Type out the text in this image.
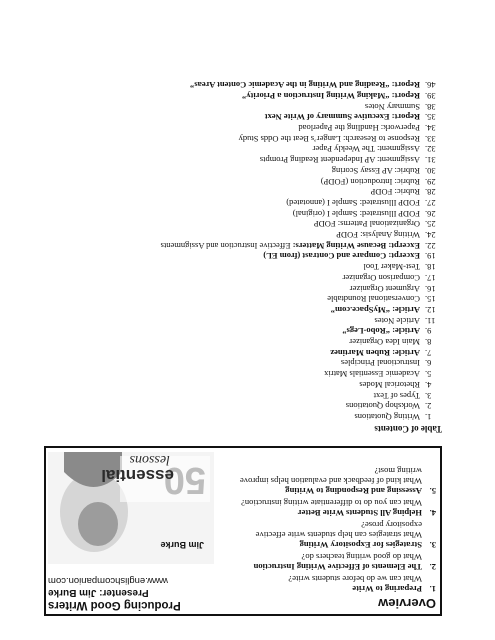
Overview
1.
Preparing to Write
What can we do before students write?
2.
The Elements of Effective Writing Instruction
What do good writing teachers do?
3.
Strategies for Expository Writing
What strategies can help students write effective expository prose?
4.
Helping All Students Write Better
What can you do to differentiate writing instruction?
5.
Assessing and Responding to Writing
What kind of feedback and evaluation helps improve writing most?
Producing Good Writers
Presenter: Jim Burke
www.englishcompanion.com
50
essential
lessons
Jim Burke
Table of Contents
1.
Writing Quotations
2.
Workshop Quotations
3.
Types of Text
4.
Rhetorical Modes
5.
Academic Essentials Matrix
6.
Instructional Principles
7.
Article: Ruben Martinez
8.
Main Idea Organizer
9.
Article: “Robo-Legs”
11.
Article Notes
12.
Article: “MySpace.com”
15.
Conversational Roundtable
16.
Argument Organizer
17.
Comparison Organizer
18.
Test-Maker Tool
19.
Excerpt: Compare and Contrast (from EL)
22.
Excerpt: Because Writing Matters: Effective Instruction and Assignments
24.
Writing Analysis: FODP
25.
Organizational Patterns: FODP
26.
FODP Illustrated: Sample I (original)
27.
FODP Illustrated: Sample I (annotated)
28.
Rubric: FODP
29.
Rubric: Introduction (FODP)
30.
Rubric: AP Essay Scoring
31.
Assignment: AP Independent Reading Prompts
32.
Assignment: The Weekly Paper
33.
Response to Research: Langer’s Beat the Odds Study
34.
Paperwork: Handling the Paperload
35.
Report: Executive Summary of Write Next
38.
Summary Notes
39.
Report: “Making Writing Instruction a Priority”
46.
Report: “Reading and Writing in the Academic Content Areas”
